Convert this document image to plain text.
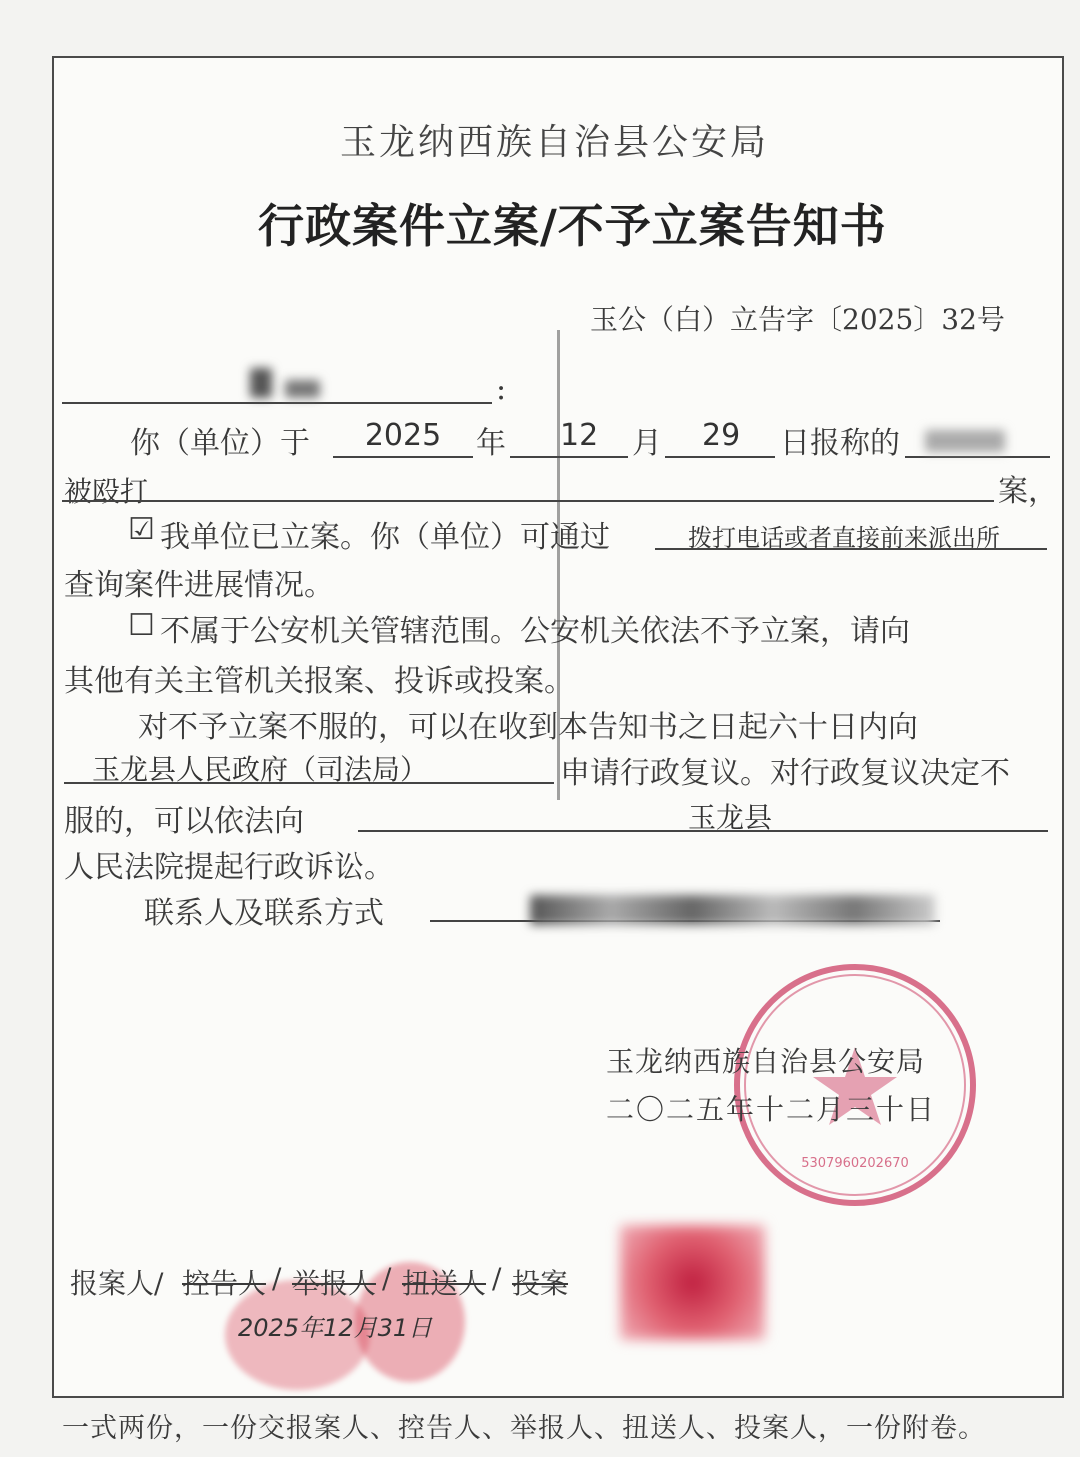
玉龙纳西族自治县公安局
行政案件立案/不予立案告知书
玉公（白）立告字〔2025〕32号
:
你（单位）于	2025	年 12 月 29 日报称的
被殴打	案，
☑ 我单位已立案。你（单位）可通过	拨打电话或者直接前来派出所
查询案件进展情况。
☐ 不属于公安机关管辖范围。公安机关依法不予立案，请向
其他有关主管机关报案、投诉或投案。
对不予立案不服的，可以在收到本告知书之日起六十日内向
玉龙县人民政府（司法局）	申请行政复议。对行政复议决定不
服的，可以依法向	玉龙县
人民法院提起行政诉讼。
联系人及联系方式
5307960202670
玉龙纳西族自治县公安局
二〇二五年十二月三十日
报案人/ 控告人 / 举报人 / 扭送人 / 投案
2025年12月31日
一式两份，一份交报案人、控告人、举报人、扭送人、投案人，一份附卷。
